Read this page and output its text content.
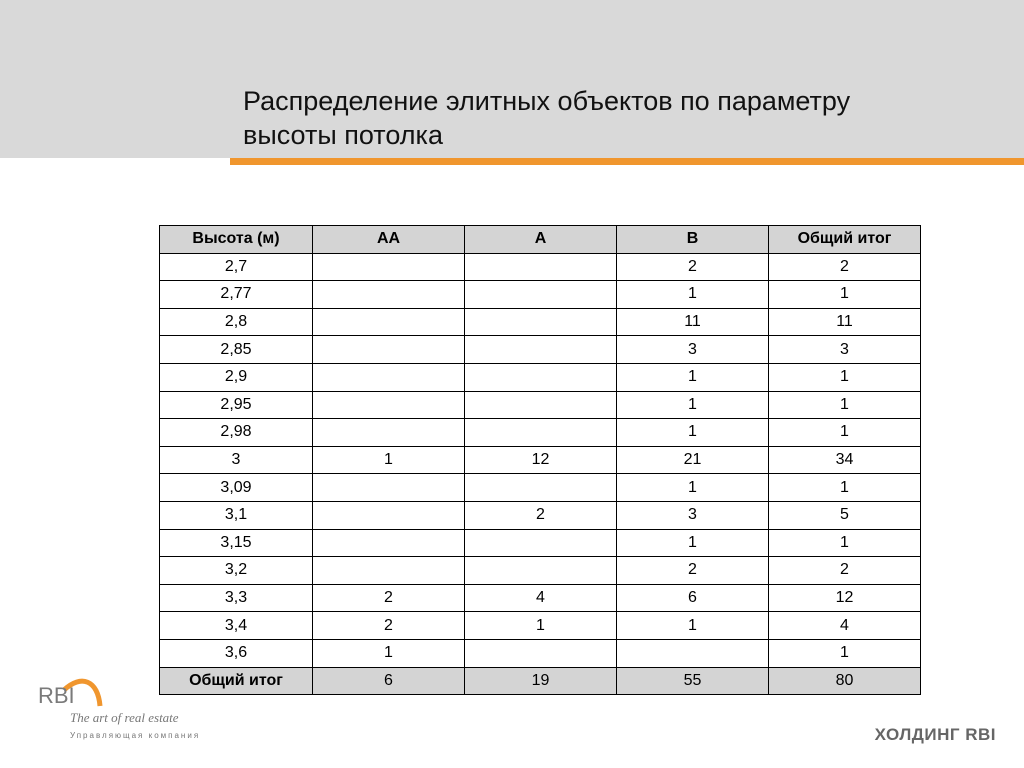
Распределение элитных объектов по параметру
высоты потолка
Высота (м)	АА	А	В	Общий итог
2,7			2	2
2,77			1	1
2,8			11	11
2,85			3	3
2,9			1	1
2,95			1	1
2,98			1	1
3	1	12	21	34
3,09			1	1
3,1		2	3	5
3,15			1	1
3,2			2	2
3,3	2	4	6	12
3,4	2	1	1	4
3,6	1			1
Общий итог	6	19	55	80
RBI
The art of real estate
Управляющая компания	ХОЛДИНГ RBI
